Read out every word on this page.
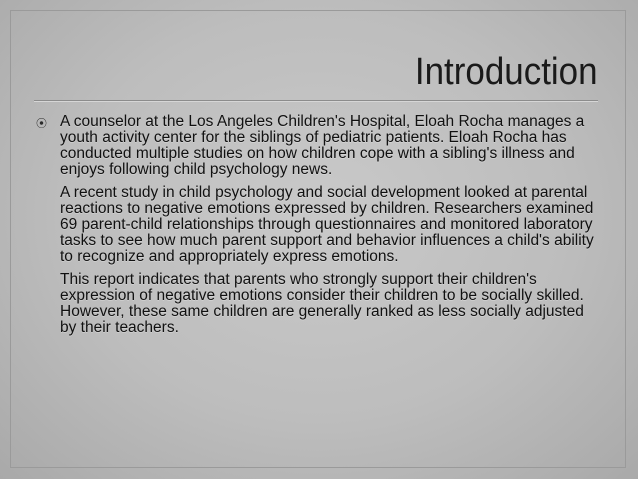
Introduction
⦿ A counselor at the Los Angeles Children's Hospital, Eloah Rocha manages a youth activity center for the siblings of pediatric patients. Eloah Rocha has conducted multiple studies on how children cope with a sibling's illness and enjoys following child psychology news.

A recent study in child psychology and social development looked at parental reactions to negative emotions expressed by children. Researchers examined 69 parent-child relationships through questionnaires and monitored laboratory tasks to see how much parent support and behavior influences a child's ability to recognize and appropriately express emotions.

This report indicates that parents who strongly support their children's expression of negative emotions consider their children to be socially skilled. However, these same children are generally ranked as less socially adjusted by their teachers.
